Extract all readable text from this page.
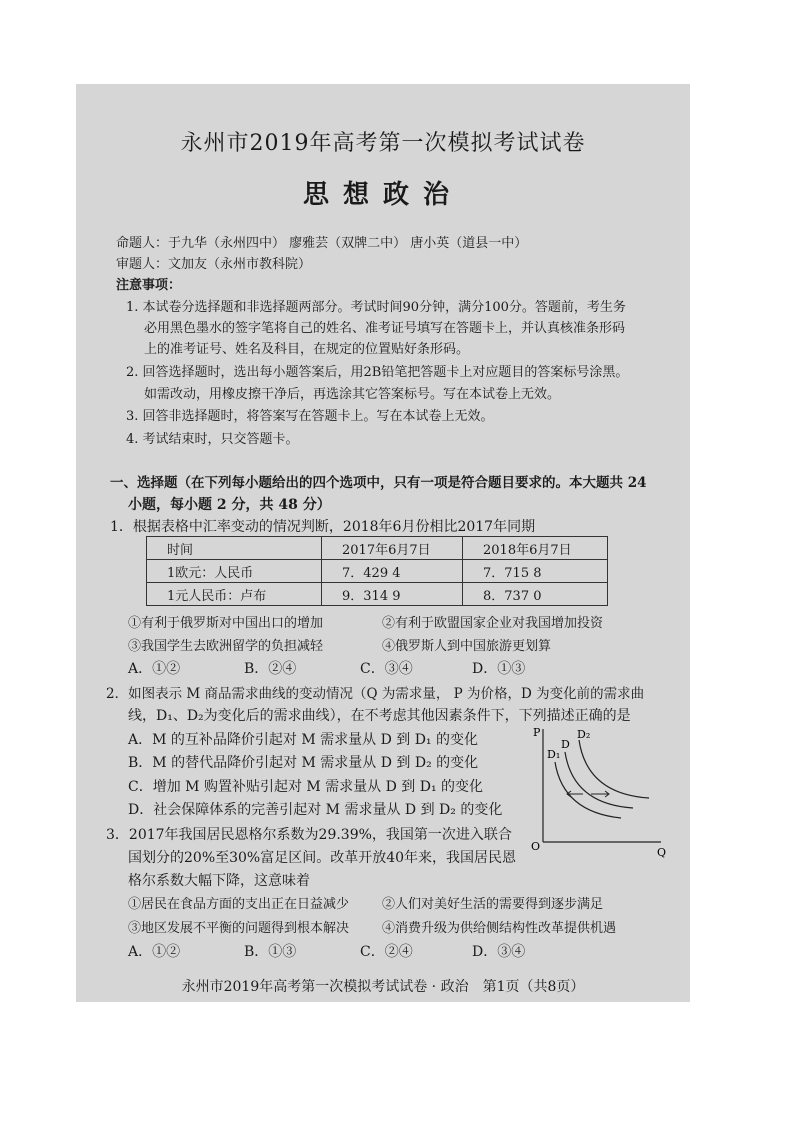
永州市2019年高考第一次模拟考试试卷
思想政治
命题人：于九华（永州四中） 廖雅芸（双牌二中） 唐小英（道县一中）
审题人：文加友（永州市教科院）
注意事项：
1. 本试卷分选择题和非选择题两部分。考试时间90分钟，满分100分。答题前，考生务
必用黑色墨水的签字笔将自己的姓名、准考证号填写在答题卡上，并认真核准条形码
上的准考证号、姓名及科目，在规定的位置贴好条形码。
2. 回答选择题时，选出每小题答案后，用2B铅笔把答题卡上对应题目的答案标号涂黑。
如需改动，用橡皮擦干净后，再选涂其它答案标号。写在本试卷上无效。
3. 回答非选择题时，将答案写在答题卡上。写在本试卷上无效。
4. 考试结束时，只交答题卡。
一、选择题（在下列每小题给出的四个选项中，只有一项是符合题目要求的。本大题共 24
小题，每小题 2 分，共 48 分）
1．根据表格中汇率变动的情况判断，2018年6月份相比2017年同期
时间	2017年6月7日	2018年6月7日
1欧元：人民币	7．429 4	7．715 8
1元人民币：卢布	9．314 9	8．737 0
①有利于俄罗斯对中国出口的增加	②有利于欧盟国家企业对我国增加投资
③我国学生去欧洲留学的负担减轻	④俄罗斯人到中国旅游更划算
A．①②	B．②④	C．③④	D．①③
2．如图表示 M 商品需求曲线的变动情况（Q 为需求量， P 为价格，D 为变化前的需求曲
线，D₁、D₂为变化后的需求曲线），在不考虑其他因素条件下，下列描述正确的是
A．M 的互补品降价引起对 M 需求量从 D 到 D₁ 的变化
B．M 的替代品降价引起对 M 需求量从 D 到 D₂ 的变化
C．增加 M 购置补贴引起对 M 需求量从 D 到 D₁ 的变化
D．社会保障体系的完善引起对 M 需求量从 D 到 D₂ 的变化
P
Q
O
D₁
D
D₂
3．2017年我国居民恩格尔系数为29.39%，我国第一次进入联合
国划分的20%至30%富足区间。改革开放40年来，我国居民恩
格尔系数大幅下降，这意味着
①居民在食品方面的支出正在日益减少	②人们对美好生活的需要得到逐步满足
③地区发展不平衡的问题得到根本解决	④消费升级为供给侧结构性改革提供机遇
A．①②	B．①③	C．②④	D．③④
永州市2019年高考第一次模拟考试试卷 · 政治　第1页（共8页）
